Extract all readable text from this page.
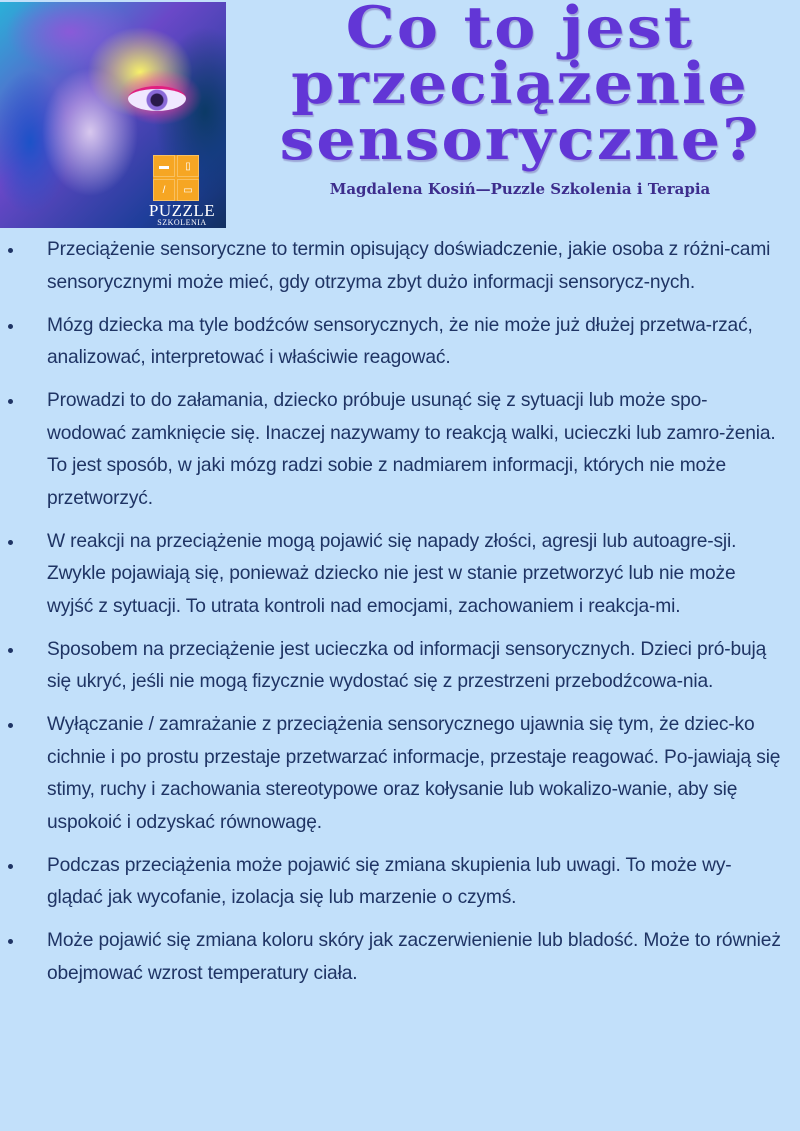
▬	▯
/	▭
PUZZLE
SZKOLENIA
Co to jest
przeciążenie
sensoryczne?
Magdalena Kosiń—Puzzle Szkolenia i Terapia
Przeciążenie sensoryczne to termin opisujący doświadczenie, jakie osoba z różni-cami sensorycznymi może mieć, gdy otrzyma zbyt dużo informacji sensorycz-nych.
Mózg dziecka ma tyle bodźców sensorycznych, że nie może już dłużej przetwa-rzać, analizować, interpretować i właściwie reagować.
Prowadzi to do załamania, dziecko próbuje usunąć się z sytuacji lub może spo-wodować zamknięcie się. Inaczej nazywamy to reakcją walki, ucieczki lub zamro-żenia. To jest sposób, w jaki mózg radzi sobie z nadmiarem informacji, których nie może przetworzyć.
W reakcji na przeciążenie mogą pojawić się napady złości, agresji lub autoagre-sji. Zwykle pojawiają się, ponieważ dziecko nie jest w stanie przetworzyć lub nie może wyjść z sytuacji. To utrata kontroli nad emocjami, zachowaniem i reakcja-mi.
Sposobem na przeciążenie jest ucieczka od informacji sensorycznych. Dzieci pró-bują się ukryć, jeśli nie mogą fizycznie wydostać się z przestrzeni przebodźcowa-nia.
Wyłączanie / zamrażanie z przeciążenia sensorycznego ujawnia się tym, że dziec-ko cichnie i po prostu przestaje przetwarzać informacje, przestaje reagować. Po-jawiają się stimy, ruchy i zachowania stereotypowe oraz kołysanie lub wokalizo-wanie, aby się uspokoić i odzyskać równowagę.
Podczas przeciążenia może pojawić się zmiana skupienia lub uwagi. To może wy-glądać jak wycofanie, izolacja się lub marzenie o czymś.
Może pojawić się zmiana koloru skóry jak zaczerwienienie lub bladość. Może to również obejmować wzrost temperatury ciała.
